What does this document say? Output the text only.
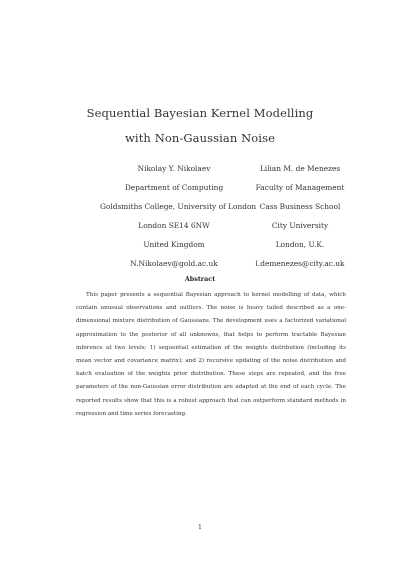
Sequential Bayesian Kernel Modelling
with Non-Gaussian Noise
Nikolay Y. Nikolaev
Department of Computing
Goldsmiths College, University of London
London SE14 6NW
United Kingdom
N.Nikolaev@gold.ac.uk
Lilian M. de Menezes
Faculty of Management
Cass Business School
City University
London, U.K.
l.demenezes@city.ac.uk
Abstract
This paper presents a sequential Bayesian approach to kernel modelling of data, which contain unusual observations and outliers. The noise is heavy tailed described as a one-dimensional mixture distribution of Gaussians. The development uses a factorized variational approximation to the posterior of all unknowns, that helps to perform tractable Bayesian inference at two levels: 1) sequential estimation of the weights distribution (including its mean vector and covariance matrix); and 2) recursive updating of the noise distribution and batch evaluation of the weights prior distribution. These steps are repeated, and the free parameters of the non-Gaussian error distribution are adapted at the end of each cycle. The reported results show that this is a robust approach that can outperform standard methods in regression and time series forecasting.
1
